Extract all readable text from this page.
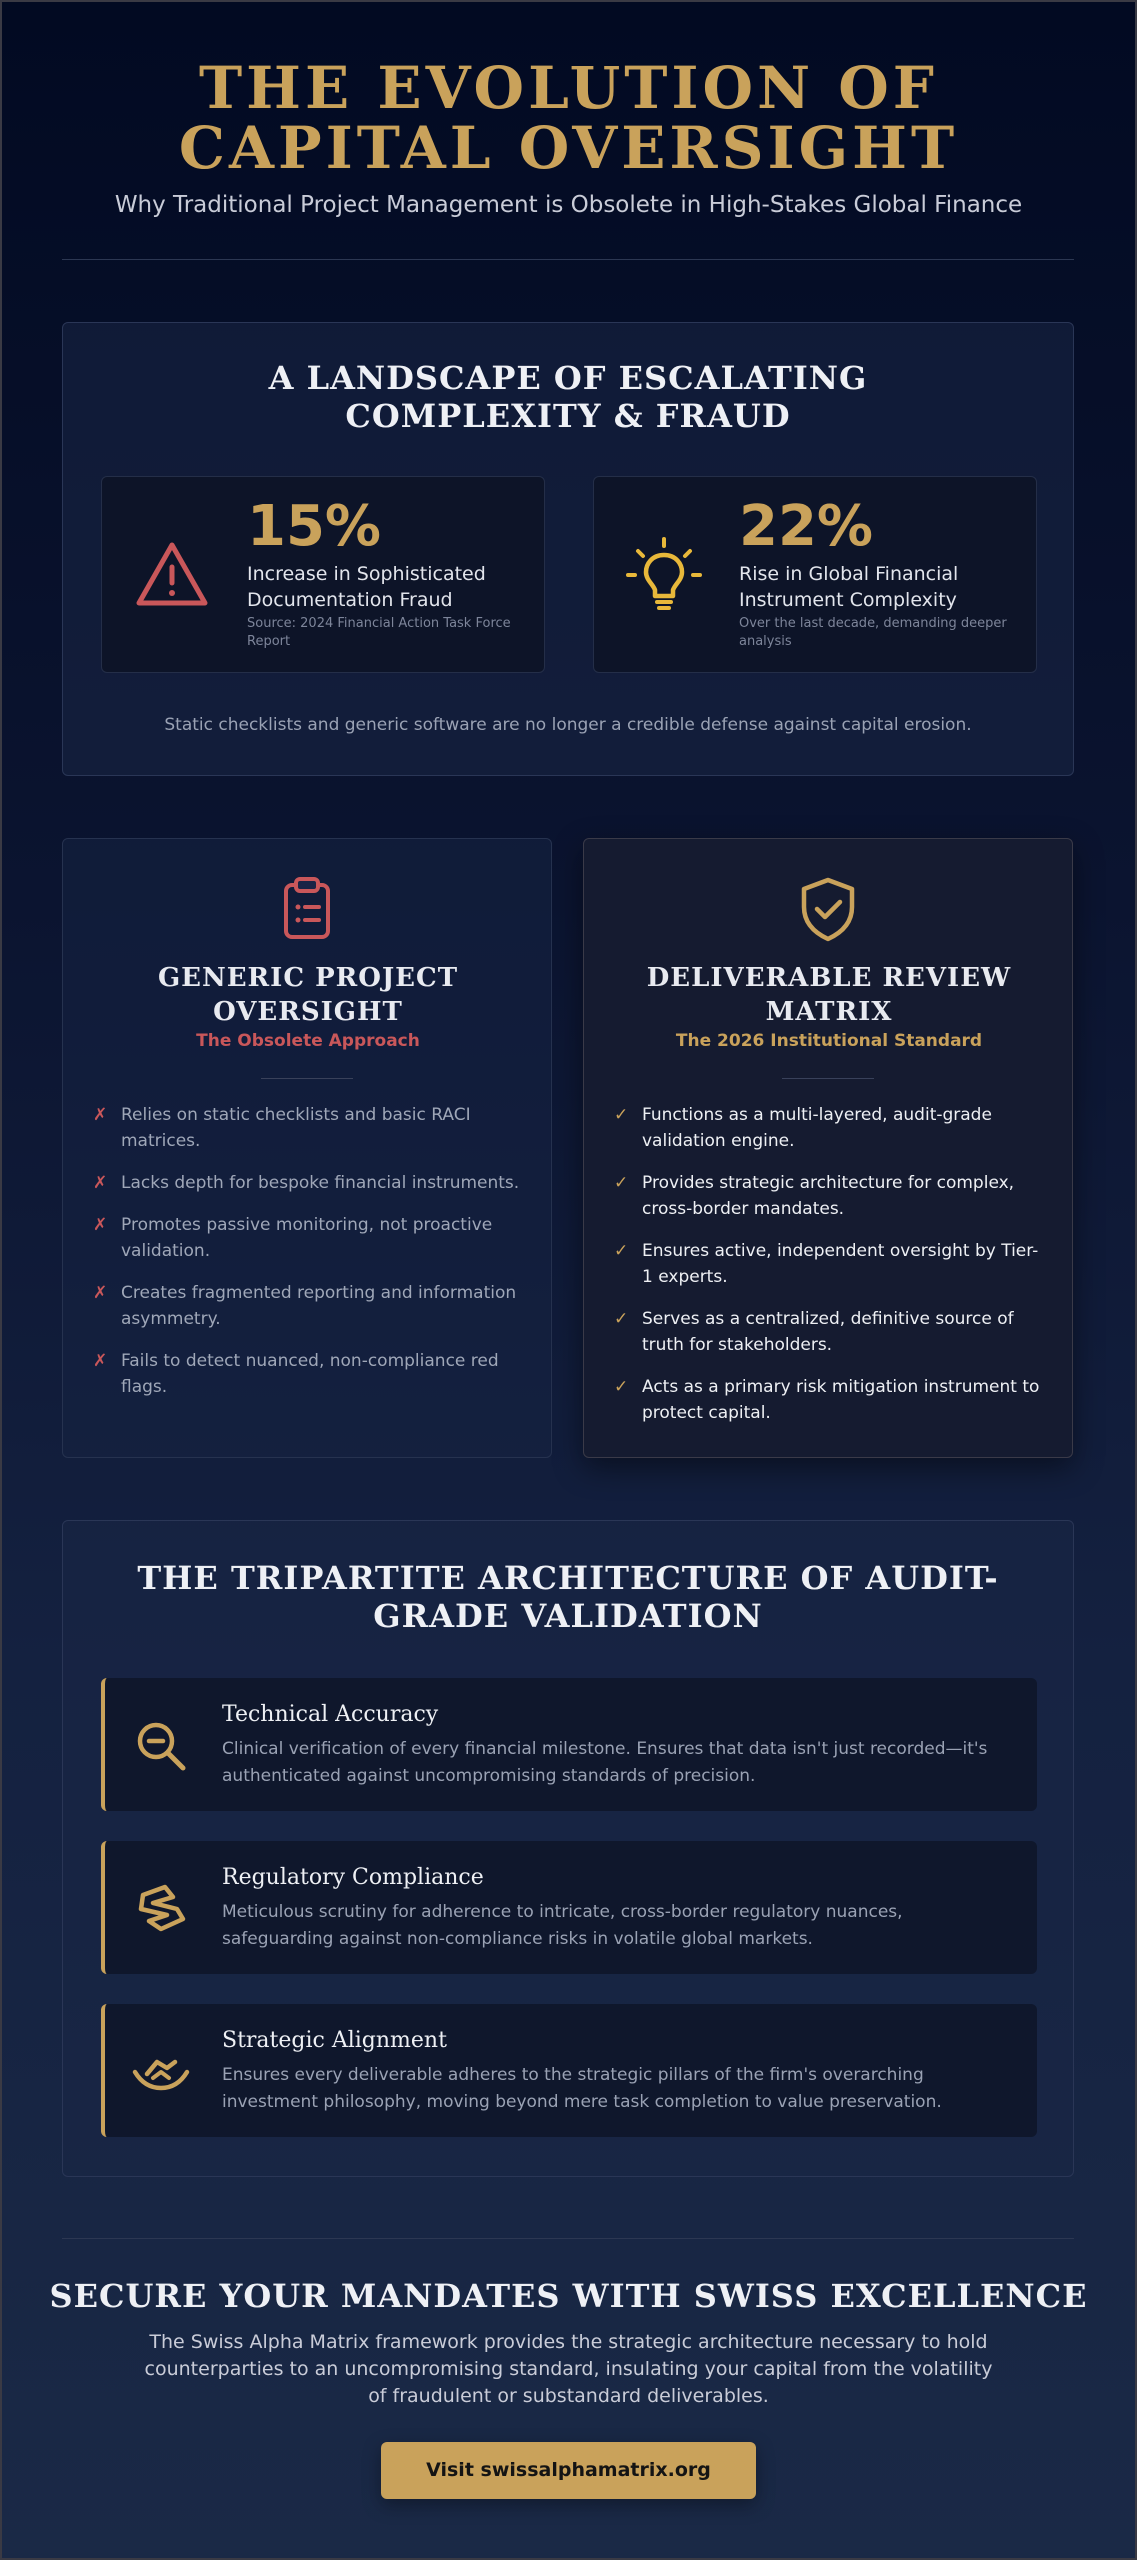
THE EVOLUTION OF CAPITAL OVERSIGHT

Why Traditional Project Management is Obsolete in High-Stakes Global Finance

A LANDSCAPE OF ESCALATING COMPLEXITY & FRAUD
15%
Increase in Sophisticated Documentation Fraud
Source: 2024 Financial Action Task Force Report
22%
Rise in Global Financial Instrument Complexity
Over the last decade, demanding deeper analysis

Static checklists and generic software are no longer a credible defense against capital erosion.

GENERIC PROJECT OVERSIGHT

The Obsolete Approach

✗ Relies on static checklists and basic RACI matrices.
✗ Lacks depth for bespoke financial instruments.
✗ Promotes passive monitoring, not proactive validation.
✗ Creates fragmented reporting and information asymmetry.
✗ Fails to detect nuanced, non-compliance red flags.
DELIVERABLE REVIEW MATRIX

The 2026 Institutional Standard

✓ Functions as a multi-layered, audit-grade validation engine.
✓ Provides strategic architecture for complex, cross-border mandates.
✓ Ensures active, independent oversight by Tier-1 experts.
✓ Serves as a centralized, definitive source of truth for stakeholders.
✓ Acts as a primary risk mitigation instrument to protect capital.
THE TRIPARTITE ARCHITECTURE OF AUDIT-GRADE VALIDATION
Technical Accuracy
Clinical verification of every financial milestone. Ensures that data isn't just recorded—it's authenticated against uncompromising standards of precision.
Regulatory Compliance
Meticulous scrutiny for adherence to intricate, cross-border regulatory nuances, safeguarding against non-compliance risks in volatile global markets.
Strategic Alignment
Ensures every deliverable adheres to the strategic pillars of the firm's overarching investment philosophy, moving beyond mere task completion to value preservation.
SECURE YOUR MANDATES WITH SWISS EXCELLENCE

The Swiss Alpha Matrix framework provides the strategic architecture necessary to hold counterparties to an uncompromising standard, insulating your capital from the volatility of fraudulent or substandard deliverables.

Visit swissalphamatrix.org
